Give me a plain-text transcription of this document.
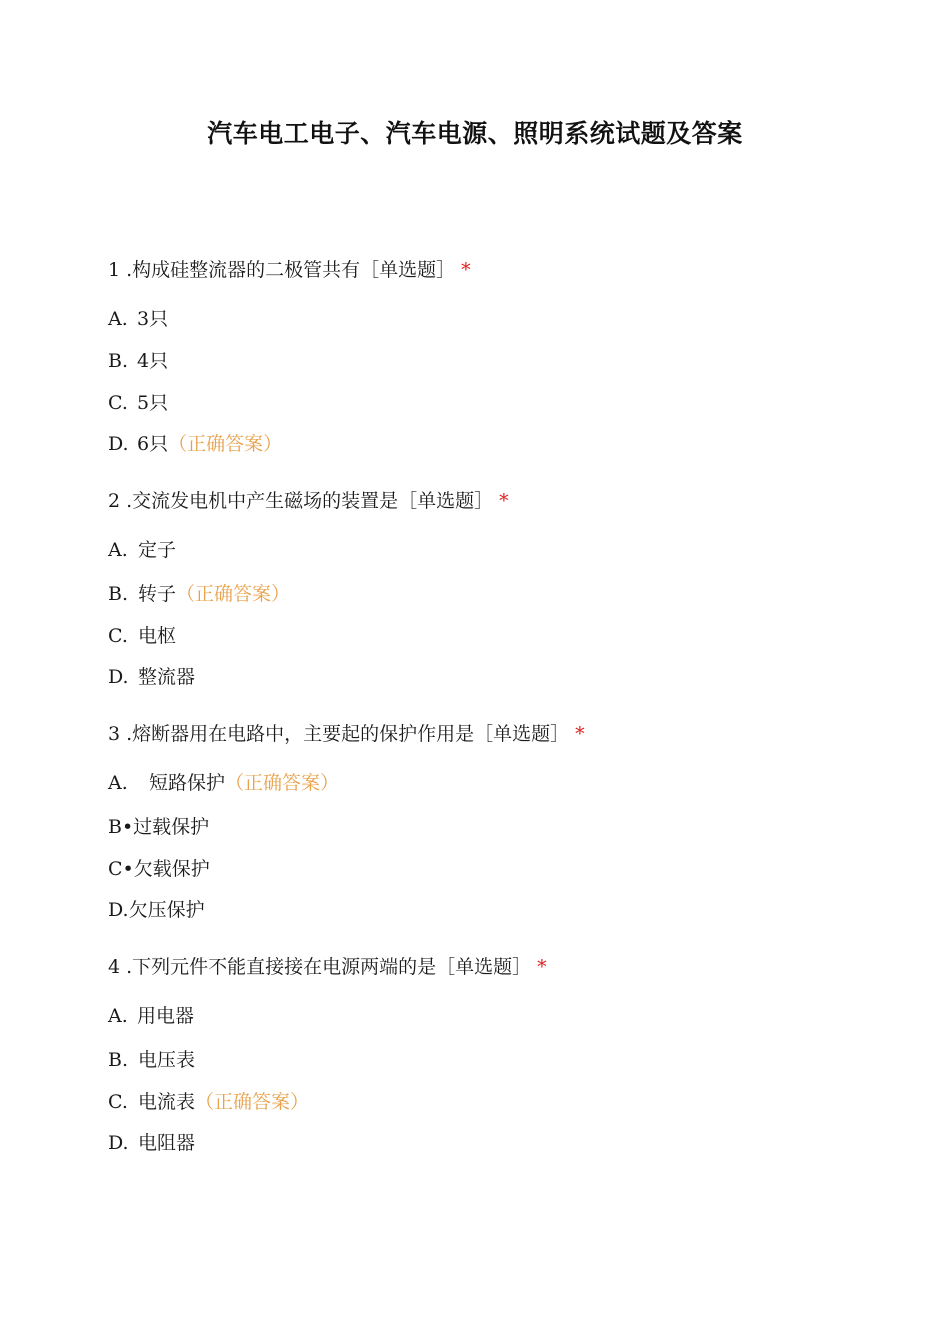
汽车电工电子、汽车电源、照明系统试题及答案
1 .构成硅整流器的二极管共有［单选题］ *
A. 3只
B. 4只
C. 5只
D. 6只（正确答案）
2 .交流发电机中产生磁场的装置是［单选题］ *
A. 定子
B. 转子（正确答案）
C. 电枢
D. 整流器
3 .熔断器用在电路中，主要起的保护作用是［单选题］ *
A. 短路保护（正确答案）
B•过载保护
C•欠载保护
D.欠压保护
4 .下列元件不能直接接在电源两端的是［单选题］ *
A. 用电器
B. 电压表
C. 电流表（正确答案）
D. 电阻器
